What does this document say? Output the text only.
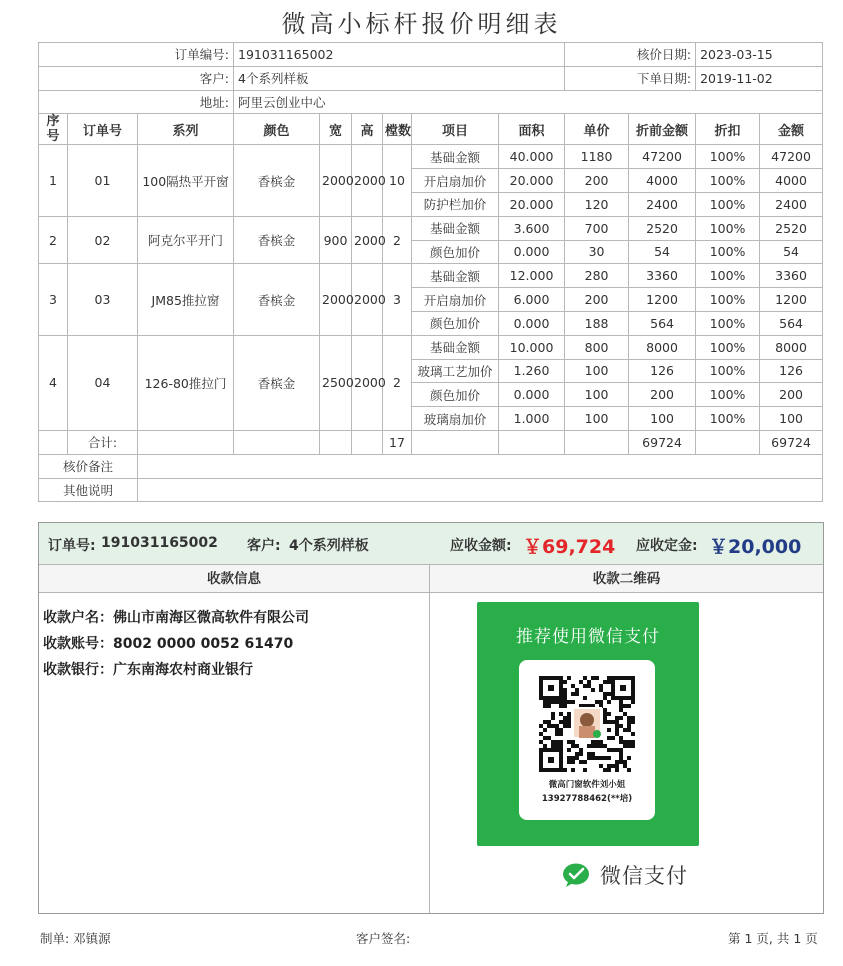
微高小标杆报价明细表
订单编号:			191031165002						核价日期:		2023-03-15	
客户:			4个系列样板						下单日期:		2019-11-02	
地址:			阿里云创业中心									
序号	订单号	系列	颜色	宽	高	樘数	项目	面积	单价	折前金额	折扣	金额
1	01	100隔热平开窗	香槟金	2000	2000	10	基础金额	40.000	1180	47200	100%	47200
							开启扇加价	20.000	200	4000	100%	4000
							防护栏加价	20.000	120	2400	100%	2400
2	02	阿克尔平开门	香槟金	900	2000	2	基础金额	3.600	700	2520	100%	2520
							颜色加价	0.000	30	54	100%	54
3	03	JM85推拉窗	香槟金	2000	2000	3	基础金额	12.000	280	3360	100%	3360
							开启扇加价	6.000	200	1200	100%	1200
							颜色加价	0.000	188	564	100%	564
4	04	126-80推拉门	香槟金	2500	2000	2	基础金额	10.000	800	8000	100%	8000
							玻璃工艺加价	1.260	100	126	100%	126
							颜色加价	0.000	100	200	100%	200
							玻璃扇加价	1.000	100	100	100%	100
	合计:					17				69724		69724
核价备注												
其他说明												
订单号: 191031165002 客户: 4个系列样板	应收金额: ￥69,724 应收定金: ￥20,000
收款信息	收款二维码
收款户名：佛山市南海区微高软件有限公司
收款账号：8002 0000 0052 61470
收款银行：广东南海农村商业银行
推荐使用微信支付
微高门窗软件刘小姐
13927788462(**培)
微信支付
制单: 邓镇源	客户签名:	第 1 页, 共 1 页
